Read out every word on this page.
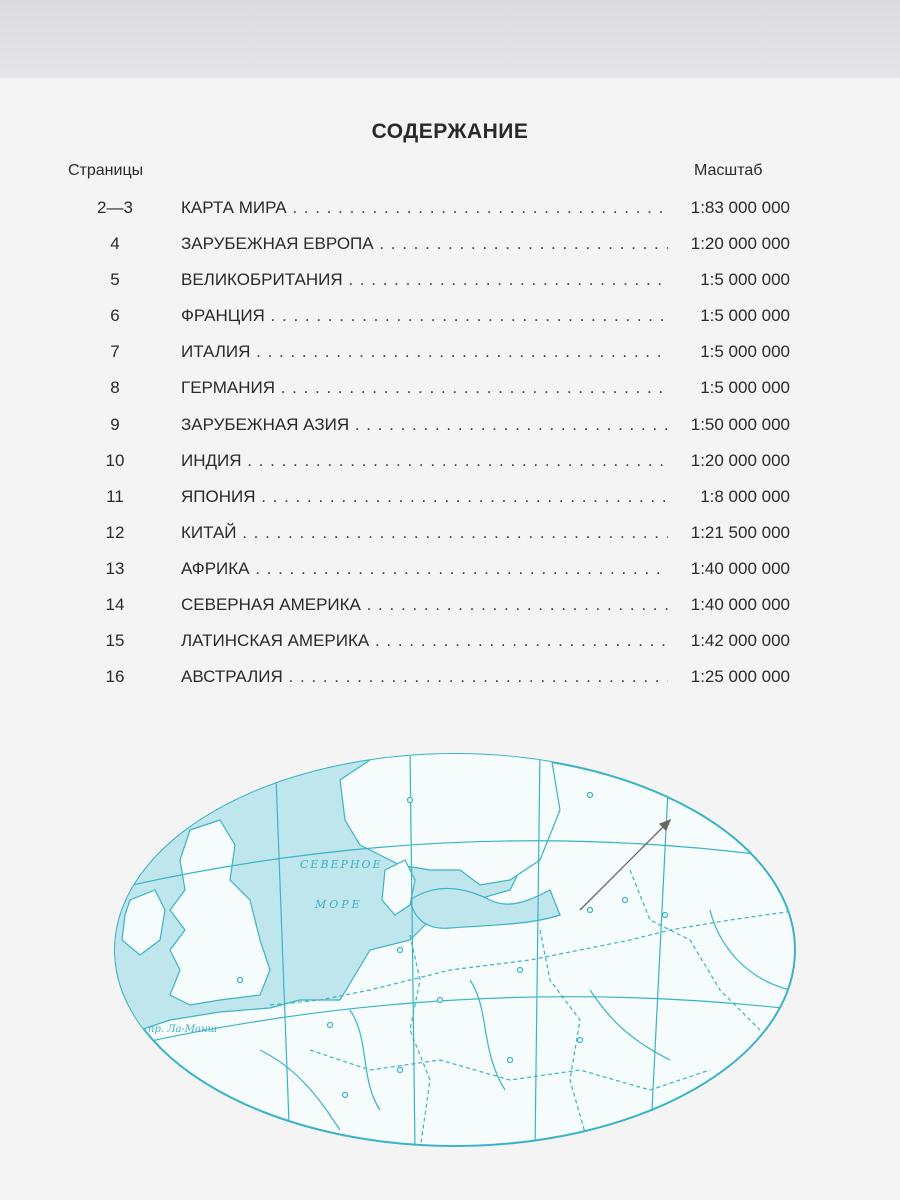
СОДЕРЖАНИЕ
Страницы	Масштаб
2—3	КАРТА МИРА . . .	1:83 000 000
4	ЗАРУБЕЖНАЯ ЕВРОПА . . .	1:20 000 000
5	ВЕЛИКОБРИТАНИЯ . . .	1:5 000 000
6	ФРАНЦИЯ . . .	1:5 000 000
7	ИТАЛИЯ . . .	1:5 000 000
8	ГЕРМАНИЯ . . .	1:5 000 000
9	ЗАРУБЕЖНАЯ АЗИЯ . . .	1:50 000 000
10	ИНДИЯ . . .	1:20 000 000
11	ЯПОНИЯ . . .	1:8 000 000
12	КИТАЙ . . .	1:21 500 000
13	АФРИКА . . .	1:40 000 000
14	СЕВЕРНАЯ АМЕРИКА . . .	1:40 000 000
15	ЛАТИНСКАЯ АМЕРИКА . . .	1:42 000 000
16	АВСТРАЛИЯ . . .	1:25 000 000
СЕВЕРНОЕ
МОРЕ
пр. Ла-Манш
